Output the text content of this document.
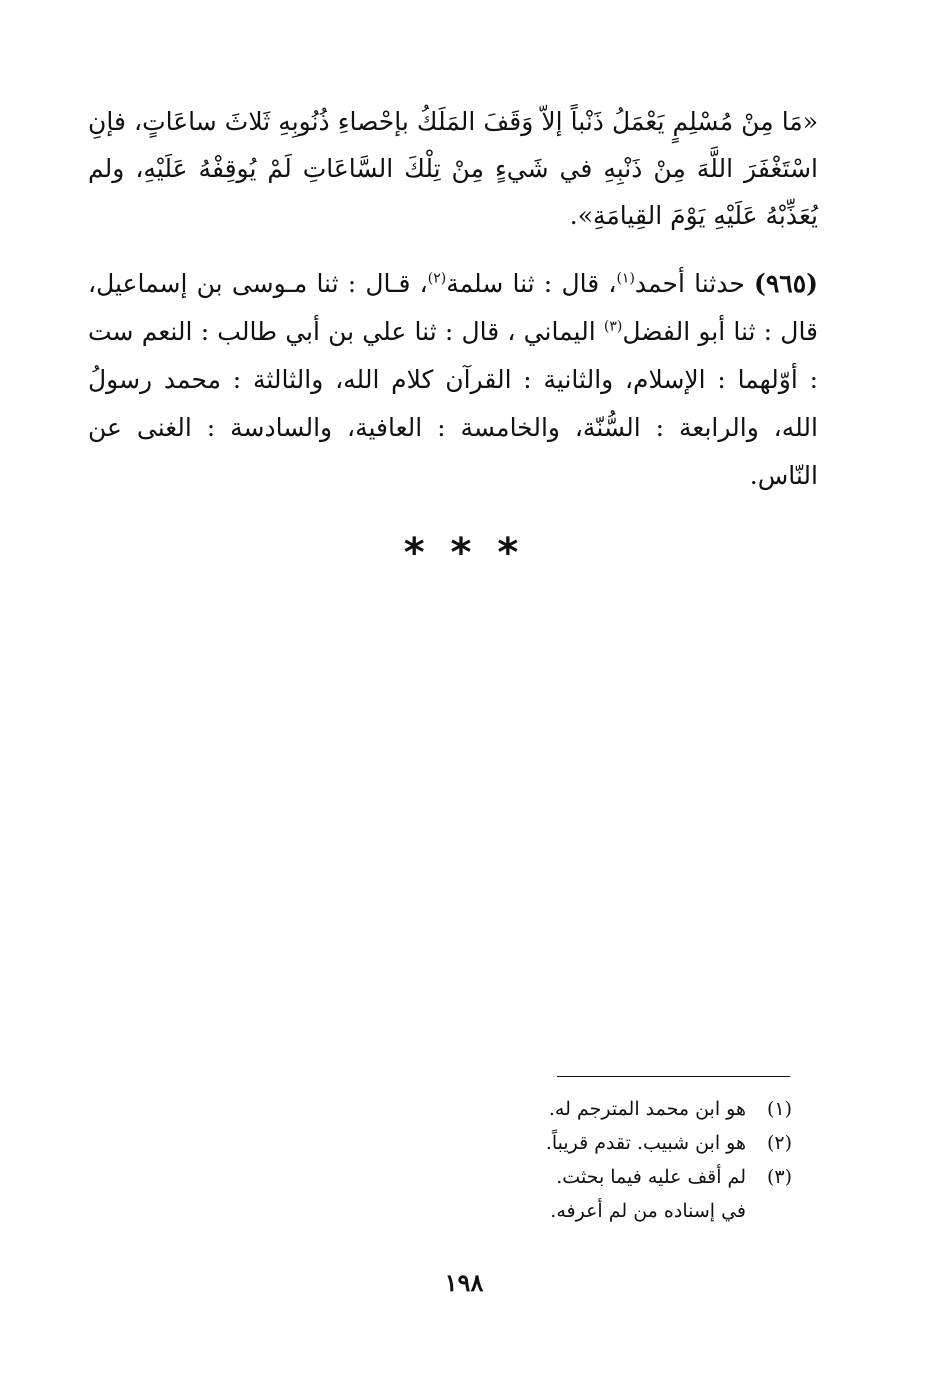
«مَا مِنْ مُسْلِمٍ يَعْمَلُ ذَنْباً إلاّ وَقَفَ المَلَكُ بإحْصاءِ ذُنُوبِهِ ثَلاثَ ساعَاتٍ، فإنِ اسْتَغْفَرَ اللَّهَ مِنْ ذَنْبِهِ في شَيءٍ مِنْ تِلْكَ السَّاعَاتِ لَمْ يُوقِفْهُ عَلَيْهِ، ولم يُعَذِّبْهُ عَلَيْهِ يَوْمَ القِيامَةِ».

(٩٦٥) حدثنا أحمد$^{(١)}$، قال : ثنا سلمة$^{(٢)}$، قـال : ثنا مـوسى بن إسماعيل، قال : ثنا أبو الفضل$^{(٣)}$ اليماني ، قال : ثنا علي بن أبي طالب : النعم ست : أوّلهما : الإسلام، والثانية : القرآن كلام الله، والثالثة : محمد رسولُ الله، والرابعة : السُّنّة، والخامسة : العافية، والسادسة : الغنى عن النّاس.

* * *
(١)
هو ابن محمد المترجم له.
(٢)
هو ابن شبيب. تقدم قريباً.
(٣)
لم أقف عليه فيما بحثت.
في إسناده من لم أعرفه.
١٩٨
